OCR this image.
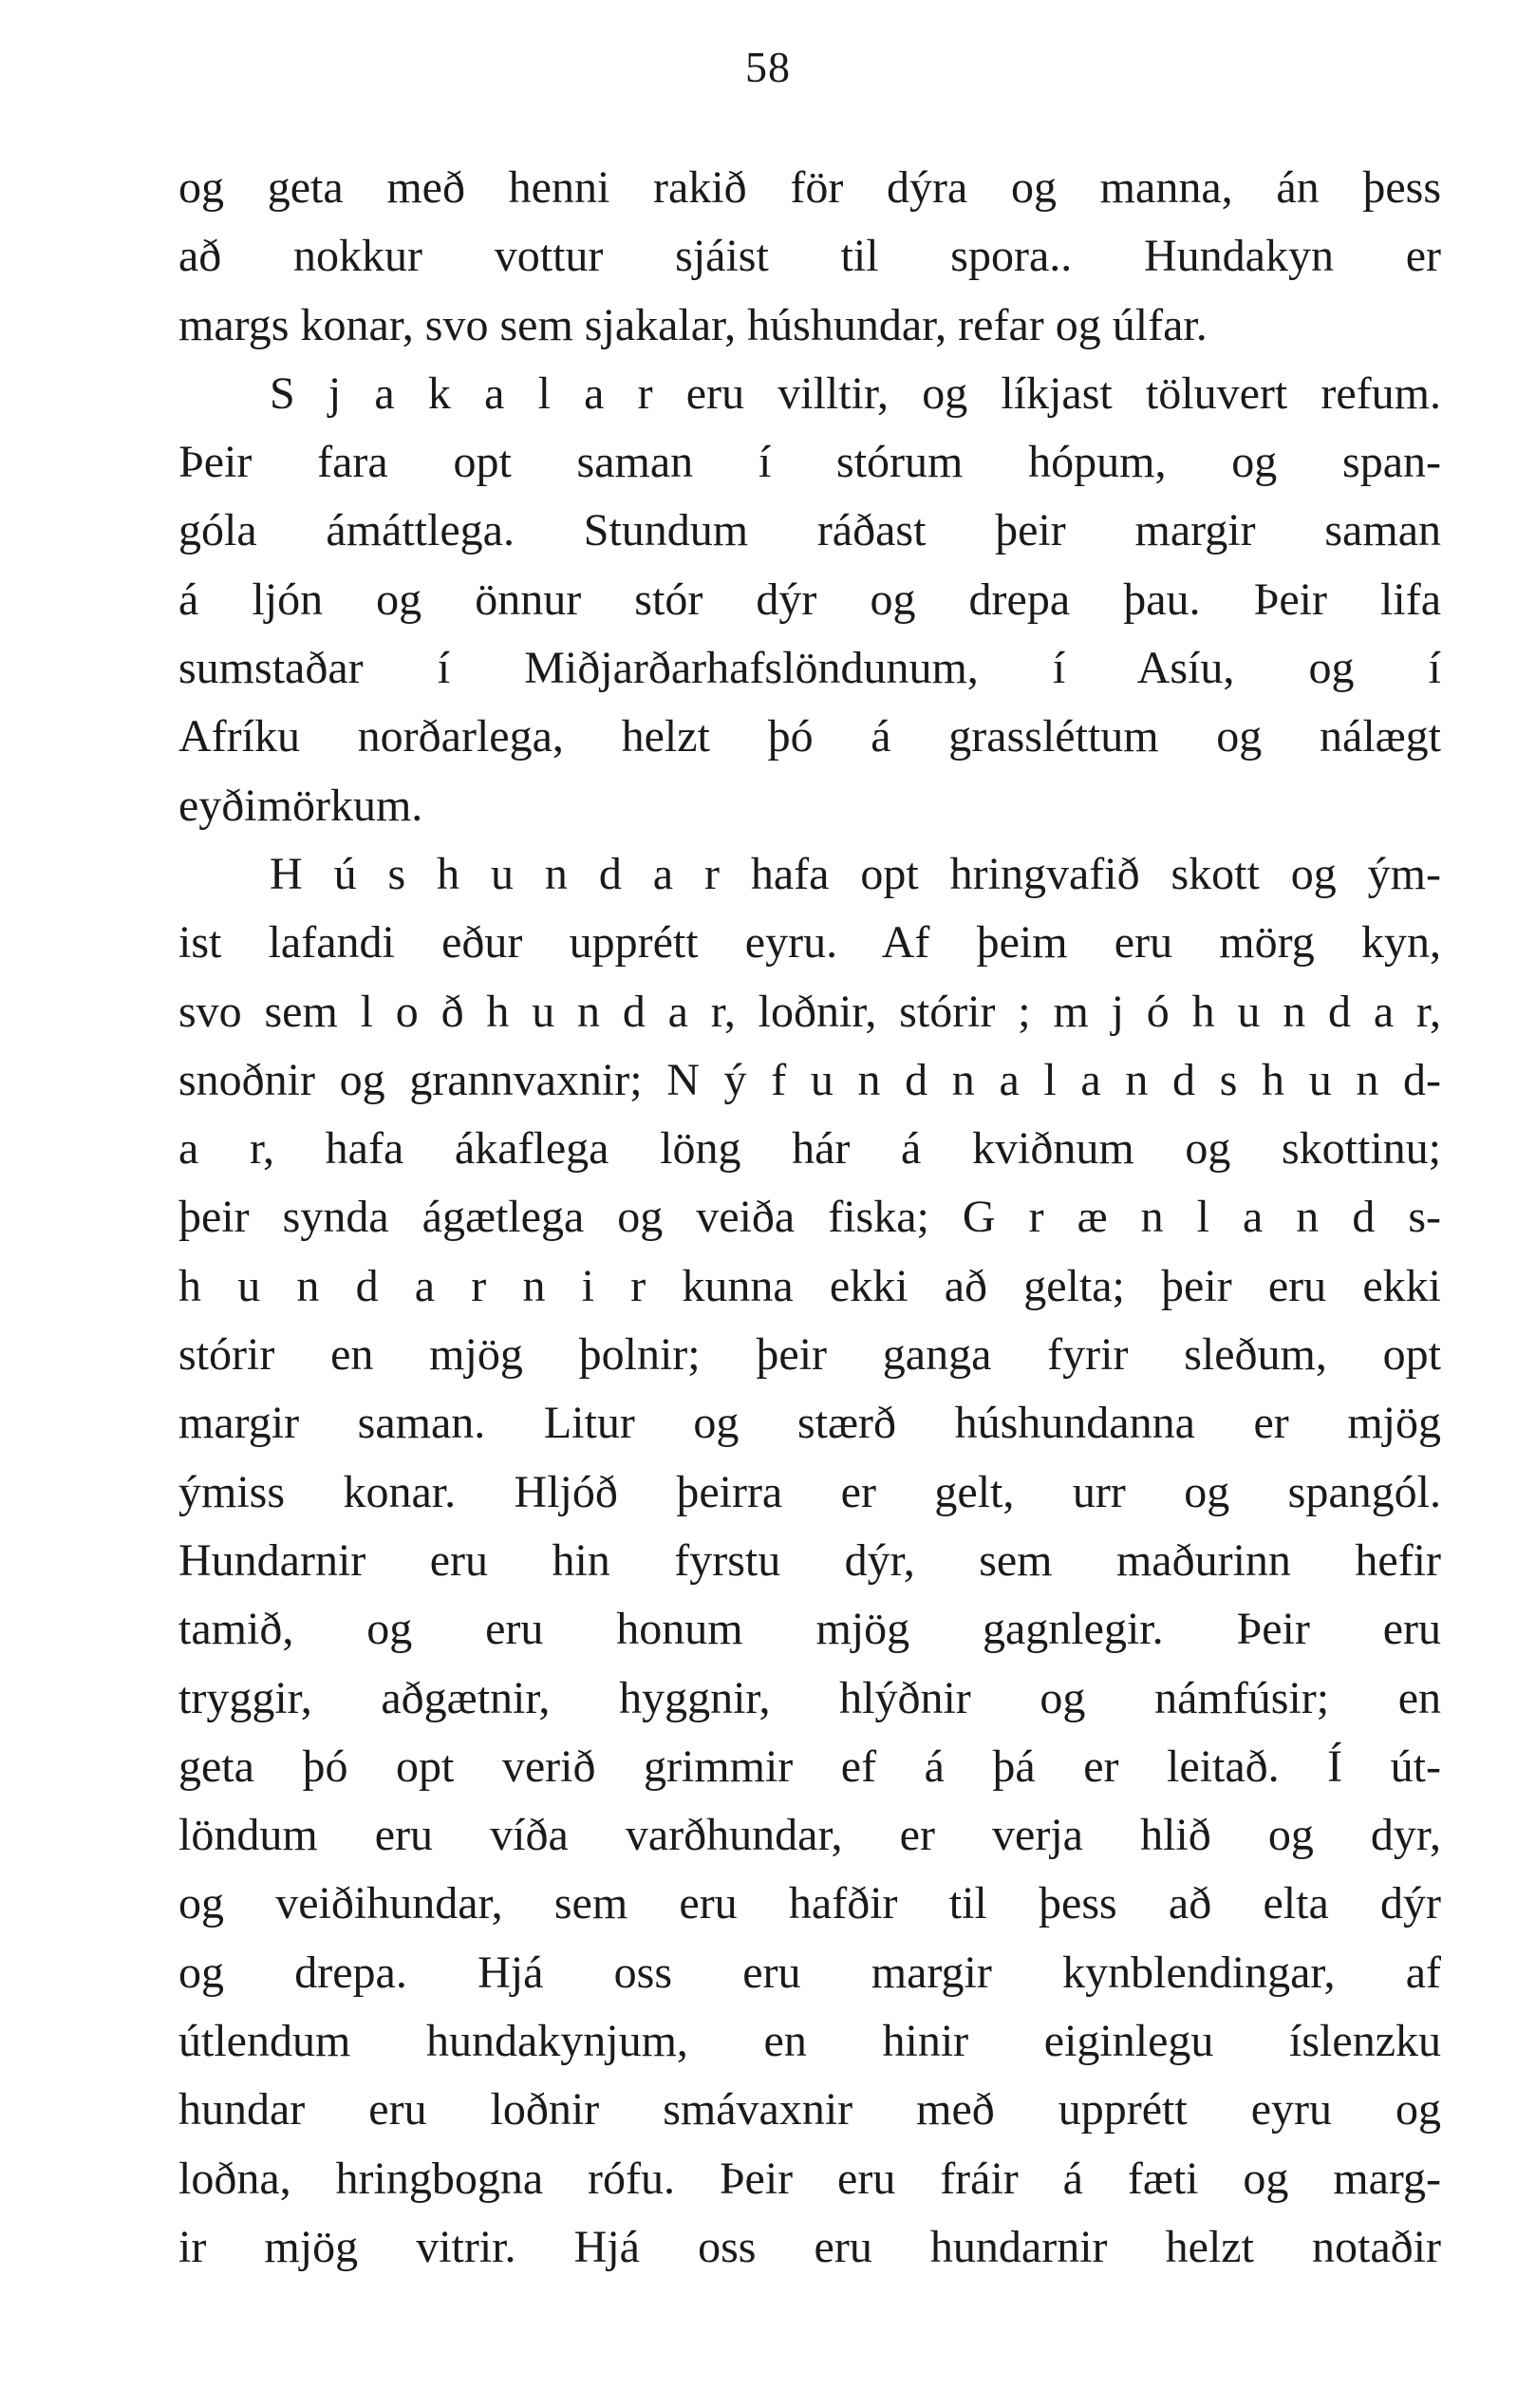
58
og geta með henni rakið för dýra og manna, án þess
að nokkur vottur sjáist til spora.. Hundakyn er
margs konar, svo sem sjakalar, húshundar, refar og úlfar.
S j a k a l a r eru villtir, og líkjast töluvert refum.
Þeir fara opt saman í stórum hópum, og span-
góla ámáttlega. Stundum ráðast þeir margir saman
á ljón og önnur stór dýr og drepa þau. Þeir lifa
sumstaðar í Miðjarðarhafslöndunum, í Asíu, og í
Afríku norðarlega, helzt þó á grassléttum og nálægt
eyðimörkum.
H ú s h u n d a r hafa opt hringvafið skott og ým-
ist lafandi eður upprétt eyru. Af þeim eru mörg kyn,
svo sem l o ð h u n d a r, loðnir, stórir ; m j ó h u n d a r,
snoðnir og grannvaxnir; N ý f u n d n a l a n d s h u n d-
a r, hafa ákaflega löng hár á kviðnum og skottinu;
þeir synda ágætlega og veiða fiska; G r æ n l a n d s-
h u n d a r n i r kunna ekki að gelta; þeir eru ekki
stórir en mjög þolnir; þeir ganga fyrir sleðum, opt
margir saman. Litur og stærð húshundanna er mjög
ýmiss konar. Hljóð þeirra er gelt, urr og spangól.
Hundarnir eru hin fyrstu dýr, sem maðurinn hefir
tamið, og eru honum mjög gagnlegir. Þeir eru
tryggir, aðgætnir, hyggnir, hlýðnir og námfúsir; en
geta þó opt verið grimmir ef á þá er leitað. Í út-
löndum eru víða varðhundar, er verja hlið og dyr,
og veiðihundar, sem eru hafðir til þess að elta dýr
og drepa. Hjá oss eru margir kynblendingar, af
útlendum hundakynjum, en hinir eiginlegu íslenzku
hundar eru loðnir smávaxnir með upprétt eyru og
loðna, hringbogna rófu. Þeir eru fráir á fæti og marg-
ir mjög vitrir. Hjá oss eru hundarnir helzt notaðir
